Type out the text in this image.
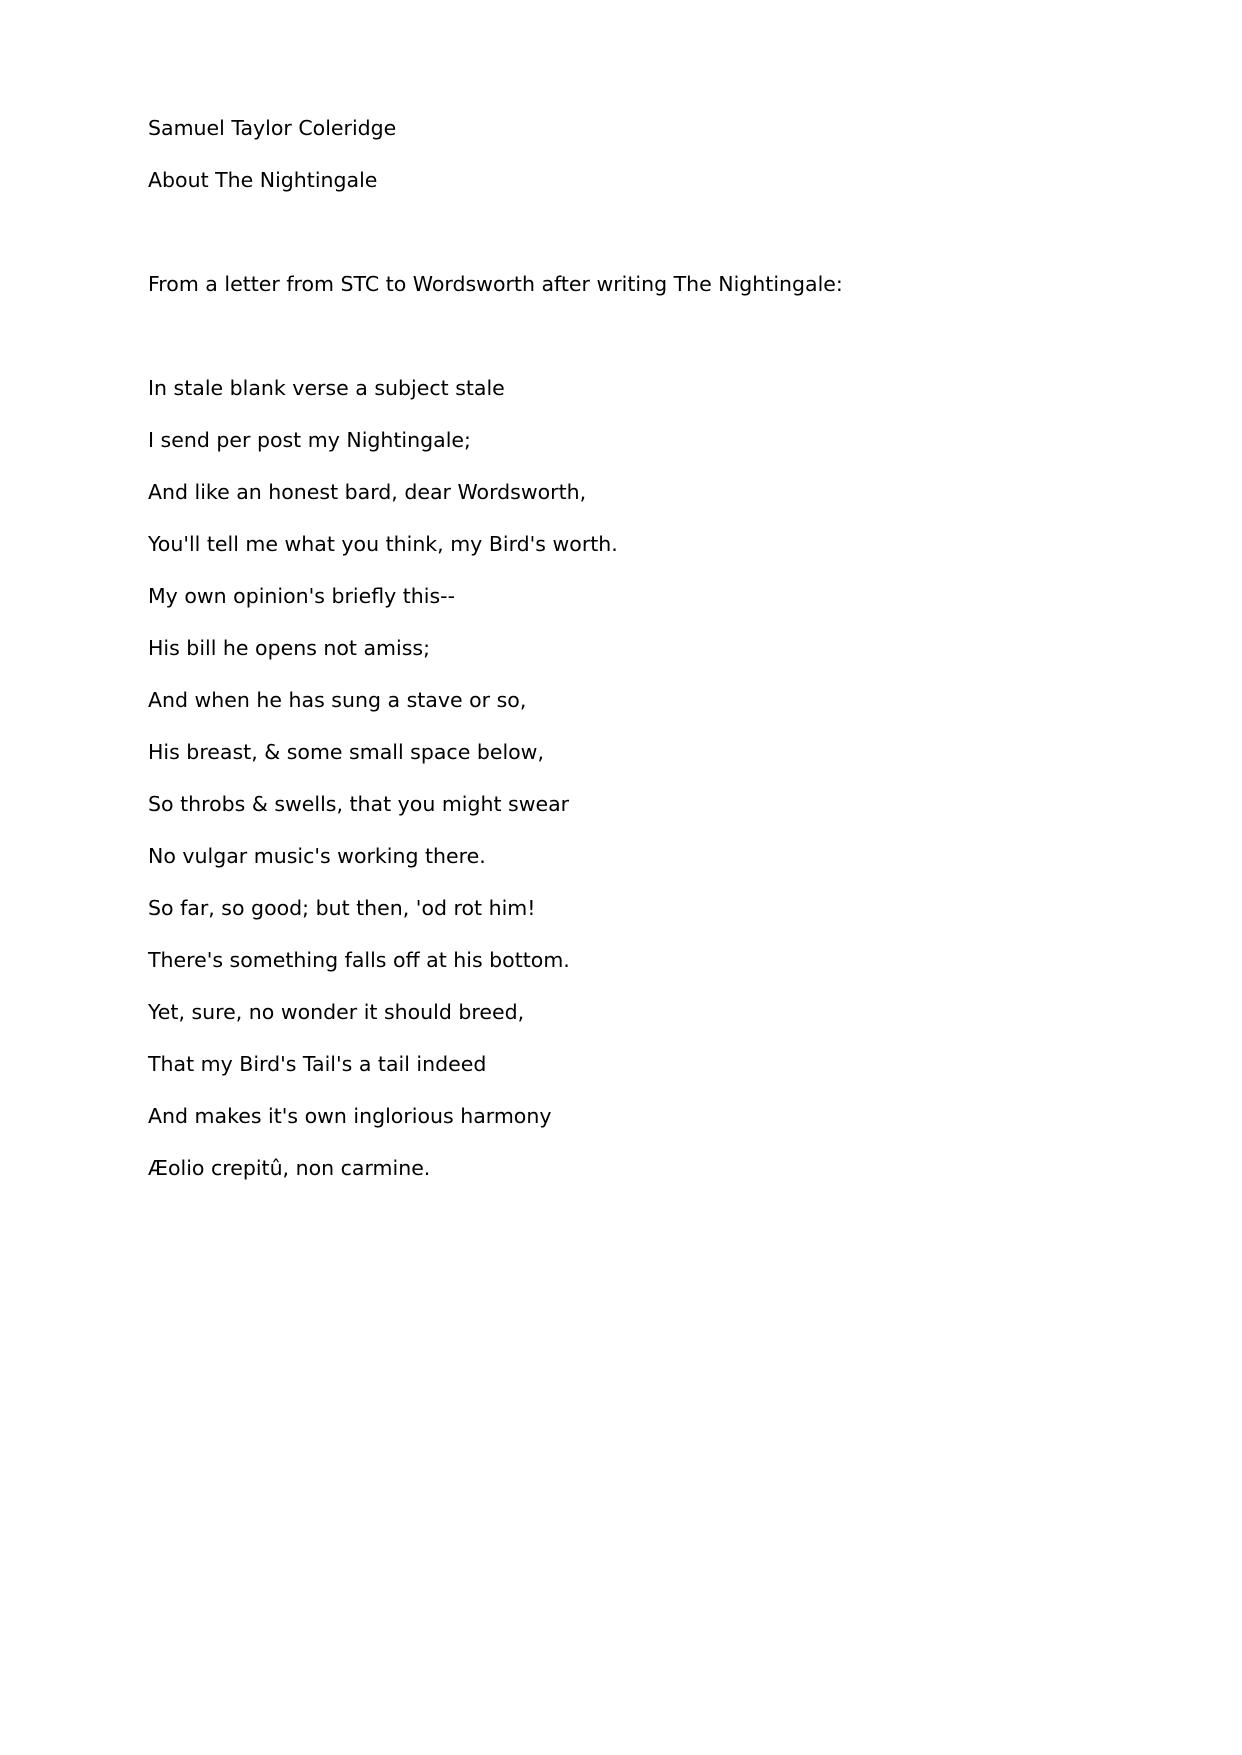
Samuel Taylor Coleridge

About The Nightingale

From a letter from STC to Wordsworth after writing The Nightingale:

In stale blank verse a subject stale

I send per post my Nightingale;

And like an honest bard, dear Wordsworth,

You'll tell me what you think, my Bird's worth.

My own opinion's briefly this--

His bill he opens not amiss;

And when he has sung a stave or so,

His breast, & some small space below,

So throbs & swells, that you might swear

No vulgar music's working there.

So far, so good; but then, 'od rot him!

There's something falls off at his bottom.

Yet, sure, no wonder it should breed,

That my Bird's Tail's a tail indeed

And makes it's own inglorious harmony

Æolio crepitû, non carmine.
